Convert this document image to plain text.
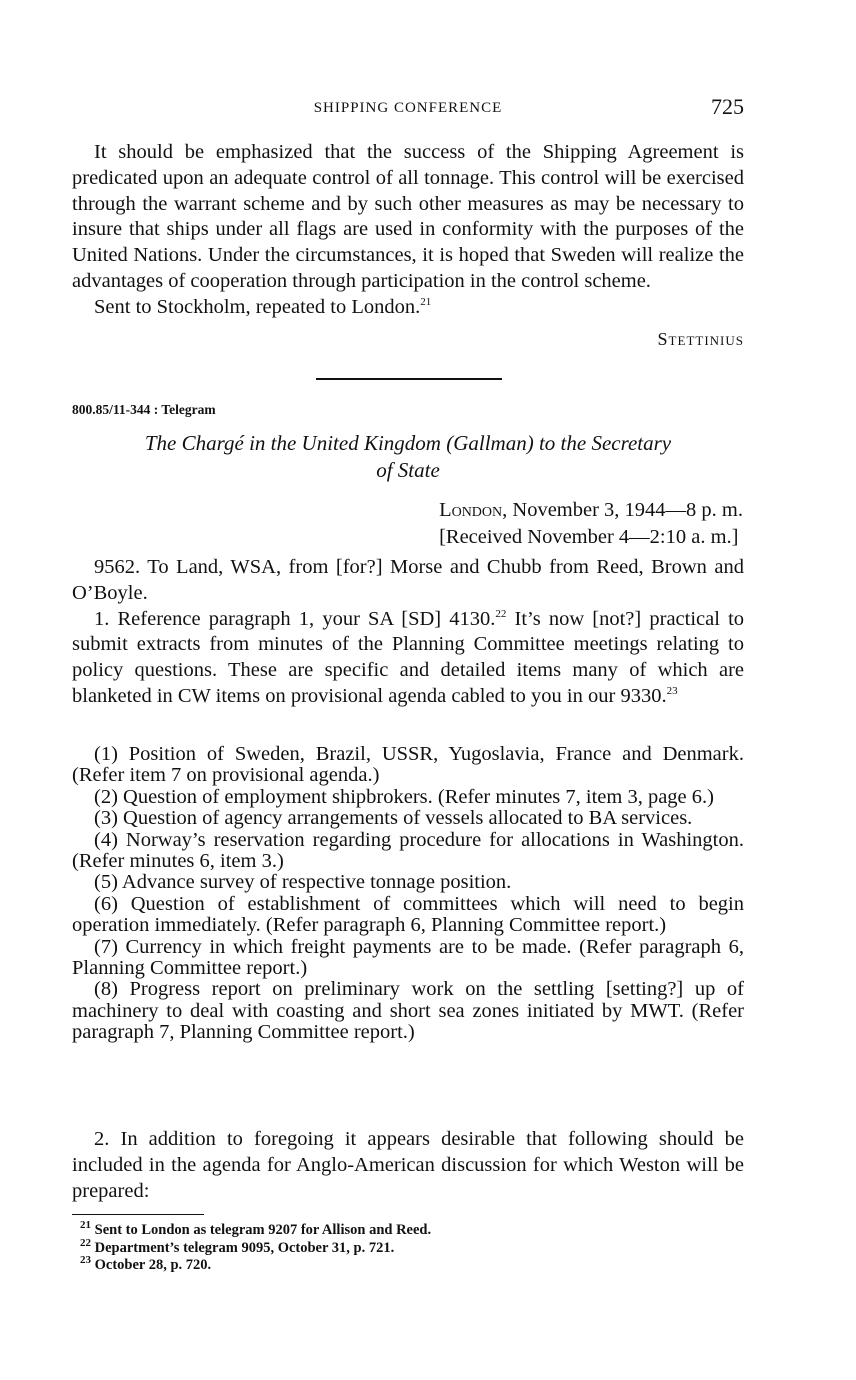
SHIPPING CONFERENCE	725

It should be emphasized that the success of the Shipping Agreement is predicated upon an adequate control of all tonnage. This control will be exercised through the warrant scheme and by such other measures as may be necessary to insure that ships under all flags are used in conformity with the purposes of the United Nations. Under the circumstances, it is hoped that Sweden will realize the advantages of cooperation through participation in the control scheme.

Sent to Stockholm, repeated to London.$^{21}$

Stettinius
800.85/11-344 : Telegram
The Chargé in the United Kingdom (Gallman) to the Secretary
of State
London, November 3, 1944—8 p. m.
[Received November 4—2:10 a. m.]

9562. To Land, WSA, from [for?] Morse and Chubb from Reed, Brown and O’Boyle.

1. Reference paragraph 1, your SA [SD] 4130.22 It’s now [not?] practical to submit extracts from minutes of the Planning Committee meetings relating to policy questions. These are specific and detailed items many of which are blanketed in CW items on provisional agenda cabled to you in our 9330.23

(1) Position of Sweden, Brazil, USSR, Yugoslavia, France and Denmark. (Refer item 7 on provisional agenda.)

(2) Question of employment shipbrokers. (Refer minutes 7, item 3, page 6.)

(3) Question of agency arrangements of vessels allocated to BA services.

(4) Norway’s reservation regarding procedure for allocations in Washington. (Refer minutes 6, item 3.)

(5) Advance survey of respective tonnage position.

(6) Question of establishment of committees which will need to begin operation immediately. (Refer paragraph 6, Planning Committee report.)

(7) Currency in which freight payments are to be made. (Refer paragraph 6, Planning Committee report.)

(8) Progress report on preliminary work on the settling [setting?] up of machinery to deal with coasting and short sea zones initiated by MWT. (Refer paragraph 7, Planning Committee report.)

2. In addition to foregoing it appears desirable that following should be included in the agenda for Anglo-American discussion for which Weston will be prepared:

$^{21}$ Sent to London as telegram 9207 for Allison and Reed.

$^{22}$ Department’s telegram 9095, October 31, p. 721.

$^{23}$ October 28, p. 720.
